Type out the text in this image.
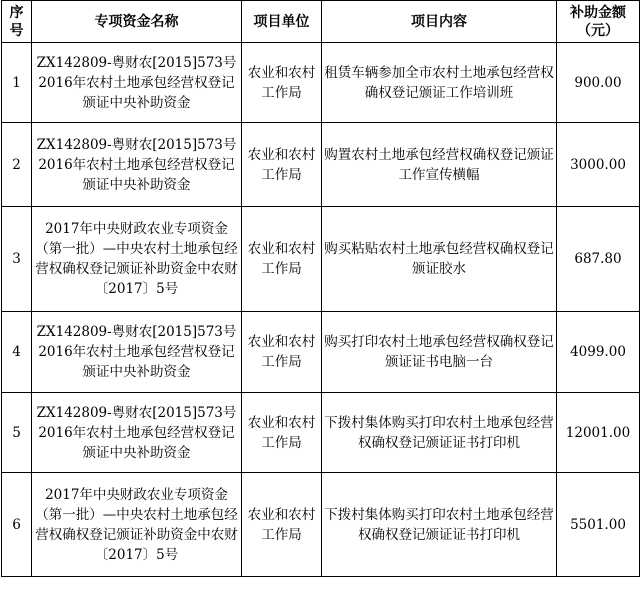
序号	专项资金名称	项目单位	项目内容	补助金额（元）
1	ZX142809-粤财农[2015]573号2016年农村土地承包经营权登记颁证中央补助资金	农业和农村工作局	租赁车辆参加全市农村土地承包经营权确权登记颁证工作培训班	900.00
2	ZX142809-粤财农[2015]573号2016年农村土地承包经营权登记颁证中央补助资金	农业和农村工作局	购置农村土地承包经营权确权登记颁证工作宣传横幅	3000.00
3	2017年中央财政农业专项资金（第一批）—中央农村土地承包经营权确权登记颁证补助资金中农财〔2017〕5号	农业和农村工作局	购买粘贴农村土地承包经营权确权登记颁证胶水	687.80
4	ZX142809-粤财农[2015]573号2016年农村土地承包经营权登记颁证中央补助资金	农业和农村工作局	购买打印农村土地承包经营权确权登记颁证证书电脑一台	4099.00
5	ZX142809-粤财农[2015]573号2016年农村土地承包经营权登记颁证中央补助资金	农业和农村工作局	下拨村集体购买打印农村土地承包经营权确权登记颁证证书打印机	12001.00
6	2017年中央财政农业专项资金（第一批）—中央农村土地承包经营权确权登记颁证补助资金中农财〔2017〕5号	农业和农村工作局	下拨村集体购买打印农村土地承包经营权确权登记颁证证书打印机	5501.00
